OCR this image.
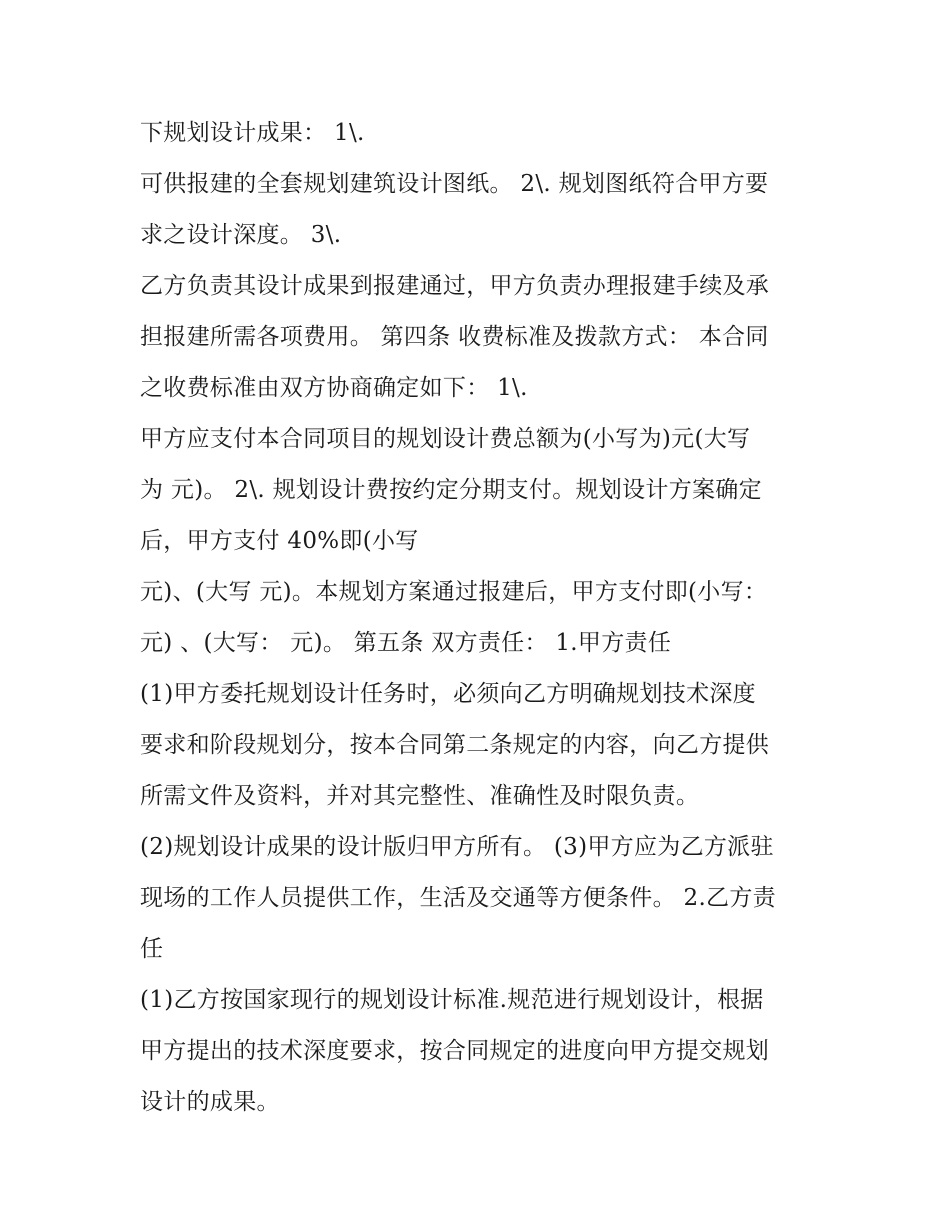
下规划设计成果： 1\.
可供报建的全套规划建筑设计图纸。 2\. 规划图纸符合甲方要
求之设计深度。 3\.
乙方负责其设计成果到报建通过，甲方负责办理报建手续及承
担报建所需各项费用。 第四条 收费标准及拨款方式： 本合同
之收费标准由双方协商确定如下： 1\.
甲方应支付本合同项目的规划设计费总额为(小写为)元(大写
为 元)。 2\. 规划设计费按约定分期支付。规划设计方案确定
后，甲方支付 40%即(小写
元)、(大写 元)。本规划方案通过报建后，甲方支付即(小写：
元) 、(大写： 元)。 第五条 双方责任： 1.甲方责任
(1)甲方委托规划设计任务时，必须向乙方明确规划技术深度
要求和阶段规划分，按本合同第二条规定的内容，向乙方提供
所需文件及资料，并对其完整性、准确性及时限负责。
(2)规划设计成果的设计版归甲方所有。 (3)甲方应为乙方派驻
现场的工作人员提供工作，生活及交通等方便条件。 2.乙方责
任
(1)乙方按国家现行的规划设计标准.规范进行规划设计，根据
甲方提出的技术深度要求，按合同规定的进度向甲方提交规划
设计的成果。
